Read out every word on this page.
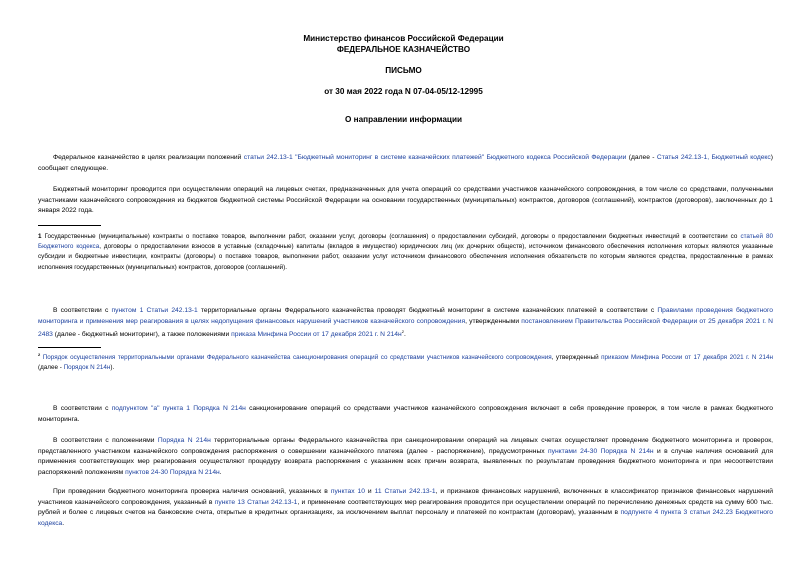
Министерство финансов Российской Федерации
ФЕДЕРАЛЬНОЕ КАЗНАЧЕЙСТВО
ПИСЬМО
от 30 мая 2022 года N 07-04-05/12-12995
О направлении информации
Федеральное казначейство в целях реализации положений статьи 242.13-1 "Бюджетный мониторинг в системе казначейских платежей" Бюджетного кодекса Российской Федерации (далее - Статья 242.13-1, Бюджетный кодекс) сообщает следующее.
Бюджетный мониторинг проводится при осуществлении операций на лицевых счетах, предназначенных для учета операций со средствами участников казначейского сопровождения, в том числе со средствами, полученными участниками казначейского сопровождения из бюджетов бюджетной системы Российской Федерации на основании государственных (муниципальных) контрактов, договоров (соглашений), контрактов (договоров), заключенных до 1 января 2022 года.
1 Государственные (муниципальные) контракты о поставке товаров, выполнении работ, оказании услуг, договоры (соглашения) о предоставлении субсидий, договоры о предоставлении бюджетных инвестиций в соответствии со статьей 80 Бюджетного кодекса, договоры о предоставлении взносов в уставные (складочные) капиталы (вкладов в имущество) юридических лиц (их дочерних обществ), источником финансового обеспечения исполнения которых являются указанные субсидии и бюджетные инвестиции, контракты (договоры) о поставке товаров, выполнении работ, оказании услуг источником финансового обеспечения исполнения обязательств по которым являются средства, предоставленные в рамках исполнения государственных (муниципальных) контрактов, договоров (соглашений).
В соответствии с пунктом 1 Статьи 242.13-1 территориальные органы Федерального казначейства проводят бюджетный мониторинг в системе казначейских платежей в соответствии с Правилами проведения бюджетного мониторинга и применения мер реагирования в целях недопущения финансовых нарушений участников казначейского сопровождения, утвержденными постановлением Правительства Российской Федерации от 25 декабря 2021 г. N 2483 (далее - бюджетный мониторинг), а также положениями приказа Минфина России от 17 декабря 2021 г. N $214н^2$.
$^2$ Порядок осуществления территориальными органами Федерального казначейства санкционирования операций со средствами участников казначейского сопровождения, утвержденный приказом Минфина России от 17 декабря 2021 г. N 214н (далее - Порядок N 214н).
В соответствии с подпунктом "а" пункта 1 Порядка N 214н санкционирование операций со средствами участников казначейского сопровождения включает в себя проведение проверок, в том числе в рамках бюджетного мониторинга.
В соответствии с положениями Порядка N 214н территориальные органы Федерального казначейства при санкционировании операций на лицевых счетах осуществляет проведение бюджетного мониторинга и проверок, представленного участником казначейского сопровождения распоряжения о совершении казначейского платежа (далее - распоряжение), предусмотренных пунктами 24-30 Порядка N 214н и в случае наличия оснований для применения соответствующих мер реагирования осуществляют процедуру возврата распоряжения с указанием всех причин возврата, выявленных по результатам проведения бюджетного мониторинга и при несоответствии распоряжений положениям пунктов 24-30 Порядка N 214н.
При проведении бюджетного мониторинга проверка наличия оснований, указанных в пунктах 10 и 11 Статьи 242.13-1, и признаков финансовых нарушений, включенных в классификатор признаков финансовых нарушений участников казначейского сопровождения, указанный в пункте 13 Статьи 242.13-1, и применение соответствующих мер реагирования проводится при осуществлении операций по перечислению денежных средств на сумму 600 тыс. рублей и более с лицевых счетов на банковские счета, открытые в кредитных организациях, за исключением выплат персоналу и платежей по контрактам (договорам), указанным в подпункте 4 пункта 3 статьи 242.23 Бюджетного кодекса.
